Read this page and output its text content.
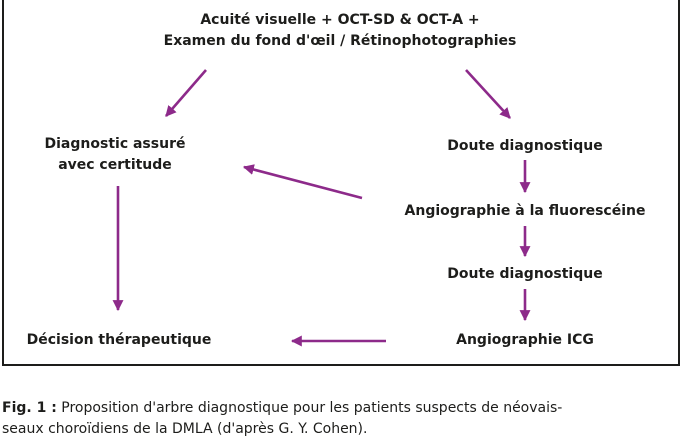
Acuité visuelle + OCT-SD & OCT-A +
Examen du fond d'œil / Rétinophotographies
Diagnostic assuré
avec certitude
Doute diagnostique
Angiographie à la fluorescéine
Doute diagnostique
Décision thérapeutique	Angiographie ICG
Fig. 1 : Proposition d'arbre diagnostique pour les patients suspects de néovais-
seaux choroïdiens de la DMLA (d'après G. Y. Cohen).
